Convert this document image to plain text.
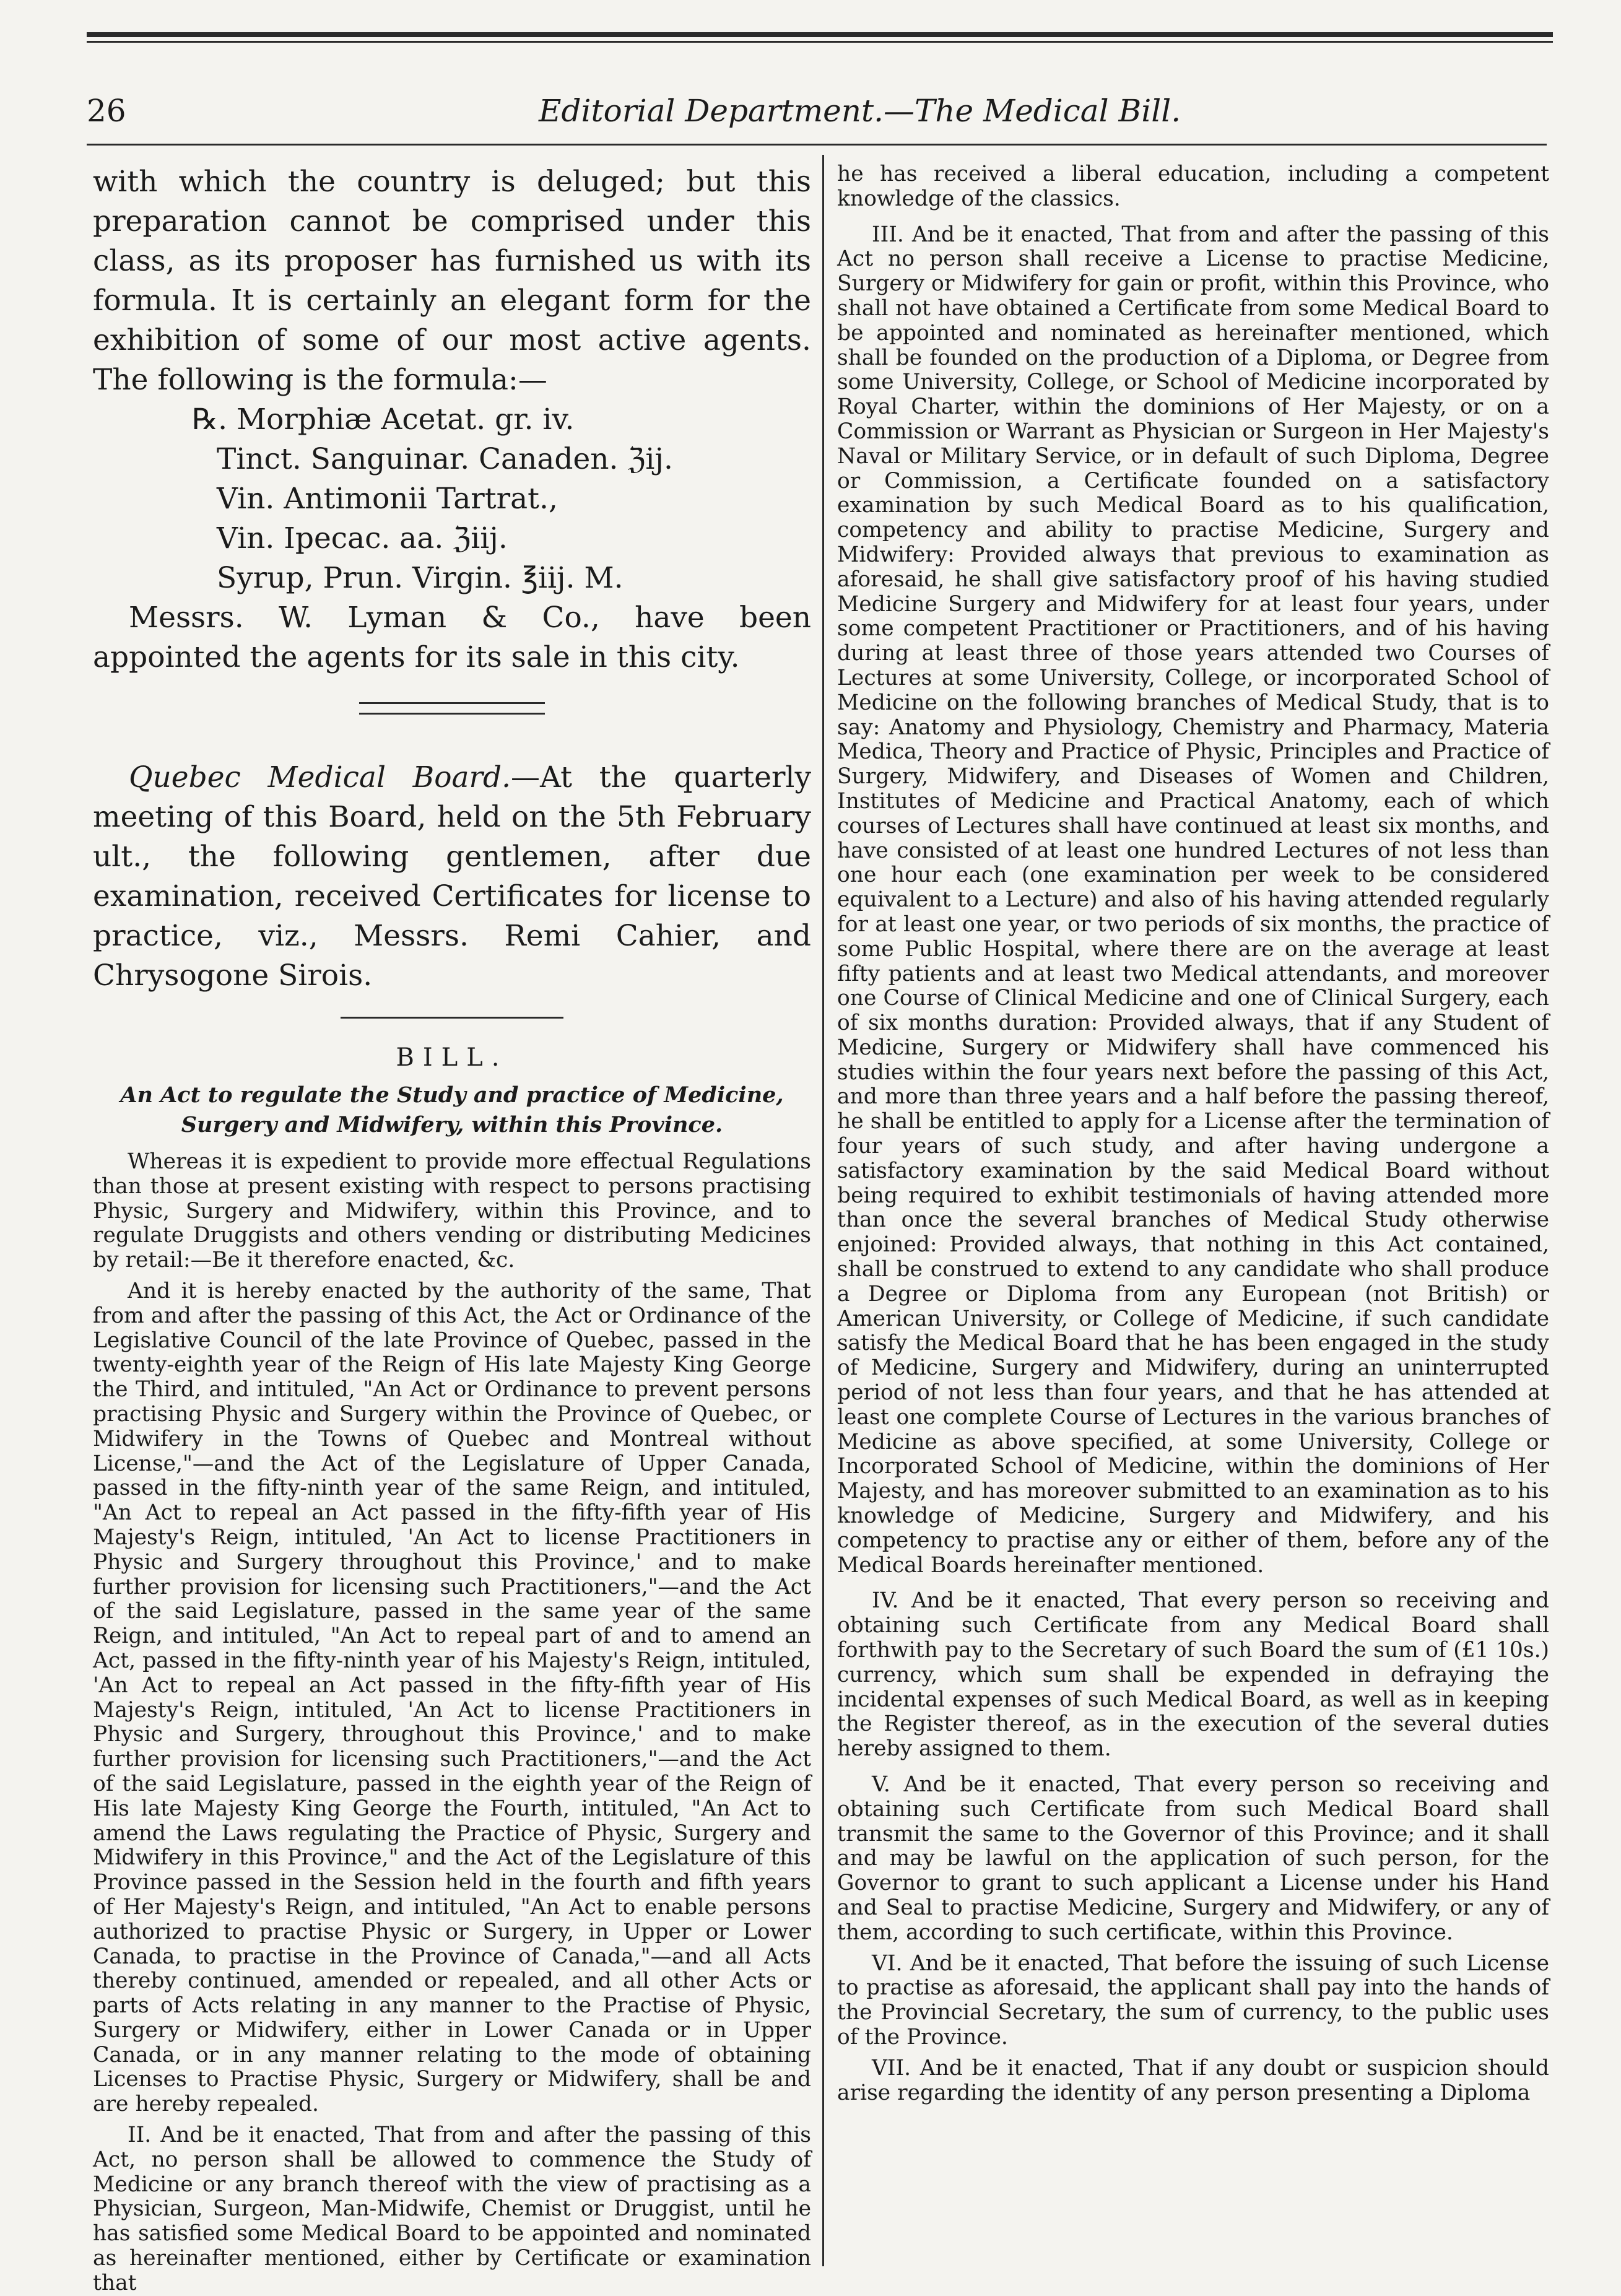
26	Editorial Department.—The Medical Bill.

with which the country is deluged; but this preparation cannot be comprised under this class, as its proposer has furnished us with its formula. It is certainly an elegant form for the exhibition of some of our most active agents. The following is the formula:—

℞. Morphiæ Acetat. gr. iv.
Tinct. Sanguinar. Canaden. ℨij.
Vin. Antimonii Tartrat.,
Vin. Ipecac. aa. ℨiij.
Syrup, Prun. Virgin. ℥iij. M.

Messrs. W. Lyman & Co., have been appointed the agents for its sale in this city.

Quebec Medical Board.—At the quarterly meeting of this Board, held on the 5th February ult., the following gentlemen, after due examination, received Certificates for license to practice, viz., Messrs. Remi Cahier, and Chrysogone Sirois.

BILL.
An Act to regulate the Study and practice of Medicine, Surgery and Midwifery, within this Province.

Whereas it is expedient to provide more effectual Regulations than those at present existing with respect to persons practising Physic, Surgery and Midwifery, within this Province, and to regulate Druggists and others vending or distributing Medicines by retail:—Be it therefore enacted, &c.

And it is hereby enacted by the authority of the same, That from and after the passing of this Act, the Act or Ordinance of the Legislative Council of the late Province of Quebec, passed in the twenty-eighth year of the Reign of His late Majesty King George the Third, and intituled, "An Act or Ordinance to prevent persons practising Physic and Surgery within the Province of Quebec, or Midwifery in the Towns of Quebec and Montreal without License,"—and the Act of the Legislature of Upper Canada, passed in the fifty-ninth year of the same Reign, and intituled, "An Act to repeal an Act passed in the fifty-fifth year of His Majesty's Reign, intituled, 'An Act to license Practitioners in Physic and Surgery throughout this Province,' and to make further provision for licensing such Practitioners,"—and the Act of the said Legislature, passed in the same year of the same Reign, and intituled, "An Act to repeal part of and to amend an Act, passed in the fifty-ninth year of his Majesty's Reign, intituled, 'An Act to repeal an Act passed in the fifty-fifth year of His Majesty's Reign, intituled, 'An Act to license Practitioners in Physic and Surgery, throughout this Province,' and to make further provision for licensing such Practitioners,"—and the Act of the said Legislature, passed in the eighth year of the Reign of His late Majesty King George the Fourth, intituled, "An Act to amend the Laws regulating the Practice of Physic, Surgery and Midwifery in this Province," and the Act of the Legislature of this Province passed in the Session held in the fourth and fifth years of Her Majesty's Reign, and intituled, "An Act to enable persons authorized to practise Physic or Surgery, in Upper or Lower Canada, to practise in the Province of Canada,"—and all Acts thereby continued, amended or repealed, and all other Acts or parts of Acts relating in any manner to the Practise of Physic, Surgery or Midwifery, either in Lower Canada or in Upper Canada, or in any manner relating to the mode of obtaining Licenses to Practise Physic, Surgery or Midwifery, shall be and are hereby repealed.

II. And be it enacted, That from and after the passing of this Act, no person shall be allowed to commence the Study of Medicine or any branch thereof with the view of practising as a Physician, Surgeon, Man-Midwife, Chemist or Druggist, until he has satisfied some Medical Board to be appointed and nominated as hereinafter mentioned, either by Certificate or examination that

he has received a liberal education, including a competent knowledge of the classics.

III. And be it enacted, That from and after the passing of this Act no person shall receive a License to practise Medicine, Surgery or Midwifery for gain or profit, within this Province, who shall not have obtained a Certificate from some Medical Board to be appointed and nominated as hereinafter mentioned, which shall be founded on the production of a Diploma, or Degree from some University, College, or School of Medicine incorporated by Royal Charter, within the dominions of Her Majesty, or on a Commission or Warrant as Physician or Surgeon in Her Majesty's Naval or Military Service, or in default of such Diploma, Degree or Commission, a Certificate founded on a satisfactory examination by such Medical Board as to his qualification, competency and ability to practise Medicine, Surgery and Midwifery: Provided always that previous to examination as aforesaid, he shall give satisfactory proof of his having studied Medicine Surgery and Midwifery for at least four years, under some competent Practitioner or Practitioners, and of his having during at least three of those years attended two Courses of Lectures at some University, College, or incorporated School of Medicine on the following branches of Medical Study, that is to say: Anatomy and Physiology, Chemistry and Pharmacy, Materia Medica, Theory and Practice of Physic, Principles and Practice of Surgery, Midwifery, and Diseases of Women and Children, Institutes of Medicine and Practical Anatomy, each of which courses of Lectures shall have continued at least six months, and have consisted of at least one hundred Lectures of not less than one hour each (one examination per week to be considered equivalent to a Lecture) and also of his having attended regularly for at least one year, or two periods of six months, the practice of some Public Hospital, where there are on the average at least fifty patients and at least two Medical attendants, and moreover one Course of Clinical Medicine and one of Clinical Surgery, each of six months duration: Provided always, that if any Student of Medicine, Surgery or Midwifery shall have commenced his studies within the four years next before the passing of this Act, and more than three years and a half before the passing thereof, he shall be entitled to apply for a License after the termination of four years of such study, and after having undergone a satisfactory examination by the said Medical Board without being required to exhibit testimonials of having attended more than once the several branches of Medical Study otherwise enjoined: Provided always, that nothing in this Act contained, shall be construed to extend to any candidate who shall produce a Degree or Diploma from any European (not British) or American University, or College of Medicine, if such candidate satisfy the Medical Board that he has been engaged in the study of Medicine, Surgery and Midwifery, during an uninterrupted period of not less than four years, and that he has attended at least one complete Course of Lectures in the various branches of Medicine as above specified, at some University, College or Incorporated School of Medicine, within the dominions of Her Majesty, and has moreover submitted to an examination as to his knowledge of Medicine, Surgery and Midwifery, and his competency to practise any or either of them, before any of the Medical Boards hereinafter mentioned.

IV. And be it enacted, That every person so receiving and obtaining such Certificate from any Medical Board shall forthwith pay to the Secretary of such Board the sum of (£1 10s.) currency, which sum shall be expended in defraying the incidental expenses of such Medical Board, as well as in keeping the Register thereof, as in the execution of the several duties hereby assigned to them.

V. And be it enacted, That every person so receiving and obtaining such Certificate from such Medical Board shall transmit the same to the Governor of this Province; and it shall and may be lawful on the application of such person, for the Governor to grant to such applicant a License under his Hand and Seal to practise Medicine, Surgery and Midwifery, or any of them, according to such certificate, within this Province.

VI. And be it enacted, That before the issuing of such License to practise as aforesaid, the applicant shall pay into the hands of the Provincial Secretary, the sum of currency, to the public uses of the Province.

VII. And be it enacted, That if any doubt or suspicion should arise regarding the identity of any person presenting a Diploma
